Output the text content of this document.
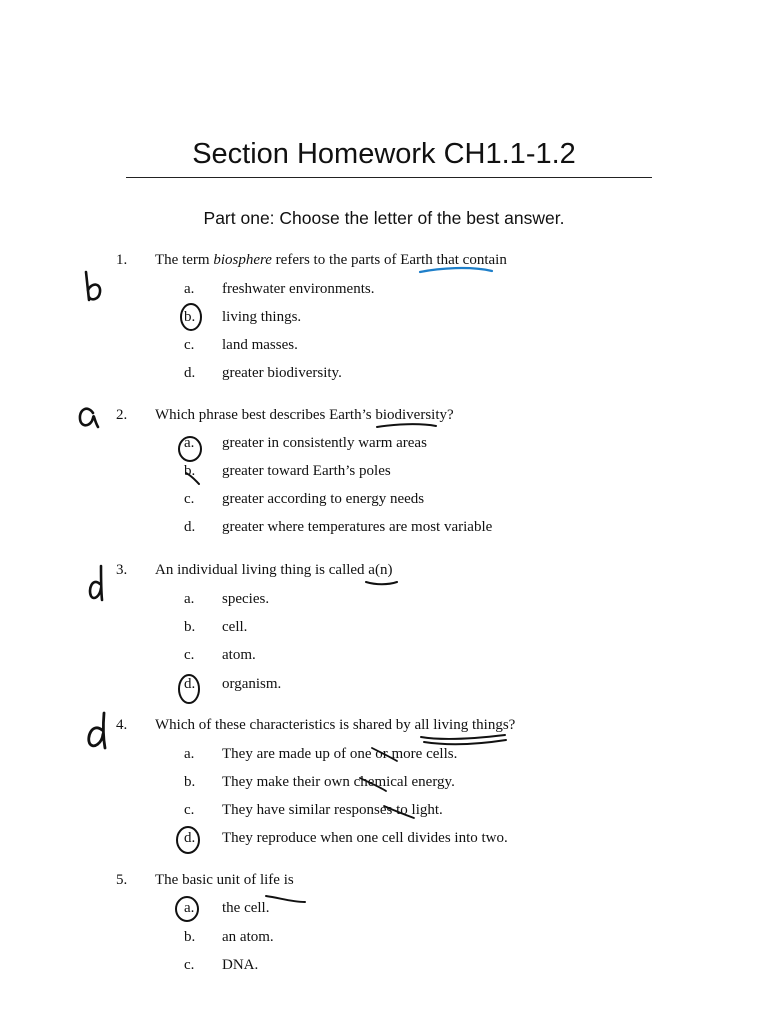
Section Homework CH1.1-1.2
Part one: Choose the letter of the best answer.
1. The term biosphere refers to the parts of Earth that contain
a. freshwater environments.
b. living things.
c. land masses.
d. greater biodiversity.
2. Which phrase best describes Earth’s biodiversity?
a. greater in consistently warm areas
b. greater toward Earth’s poles
c. greater according to energy needs
d. greater where temperatures are most variable
3. An individual living thing is called a(n)
a. species.
b. cell.
c. atom.
d. organism.
4. Which of these characteristics is shared by all living things?
a. They are made up of one or more cells.
b. They make their own chemical energy.
c. They have similar responses to light.
d. They reproduce when one cell divides into two.
5. The basic unit of life is
a. the cell.
b. an atom.
c. DNA.
